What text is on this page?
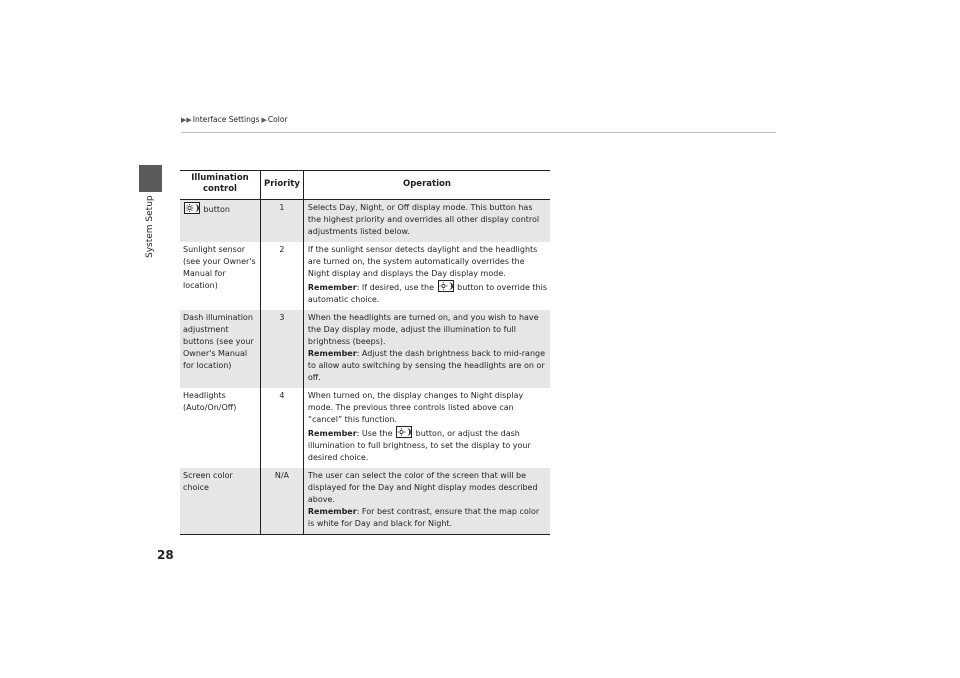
System Setup
▶▶ Interface Settings ▶ Color
Illumination control	Priority	Operation

button	1	Selects Day, Night, or Off display mode. This button has the highest priority and overrides all other display control adjustments listed below.

Sunlight sensor (see your Owner's Manual for location)	2	If the sunlight sensor detects daylight and the headlights are turned on, the system automatically overrides the Night display and displays the Day display mode.
Remember: If desired, use the button to override this automatic choice.
Dash illumination adjustment buttons (see your Owner's Manual for location)	3	When the headlights are turned on, and you wish to have the Day display mode, adjust the illumination to full brightness (beeps).
Remember: Adjust the dash brightness back to mid-range to allow auto switching by sensing the headlights are on or off.
Headlights (Auto/On/Off)	4	When turned on, the display changes to Night display mode. The previous three controls listed above can “cancel” this function.
Remember: Use the button, or adjust the dash illumination to full brightness, to set the display to your desired choice.
Screen color choice	N/A	The user can select the color of the screen that will be displayed for the Day and Night display modes described above.
Remember: For best contrast, ensure that the map color is white for Day and black for Night.
28
